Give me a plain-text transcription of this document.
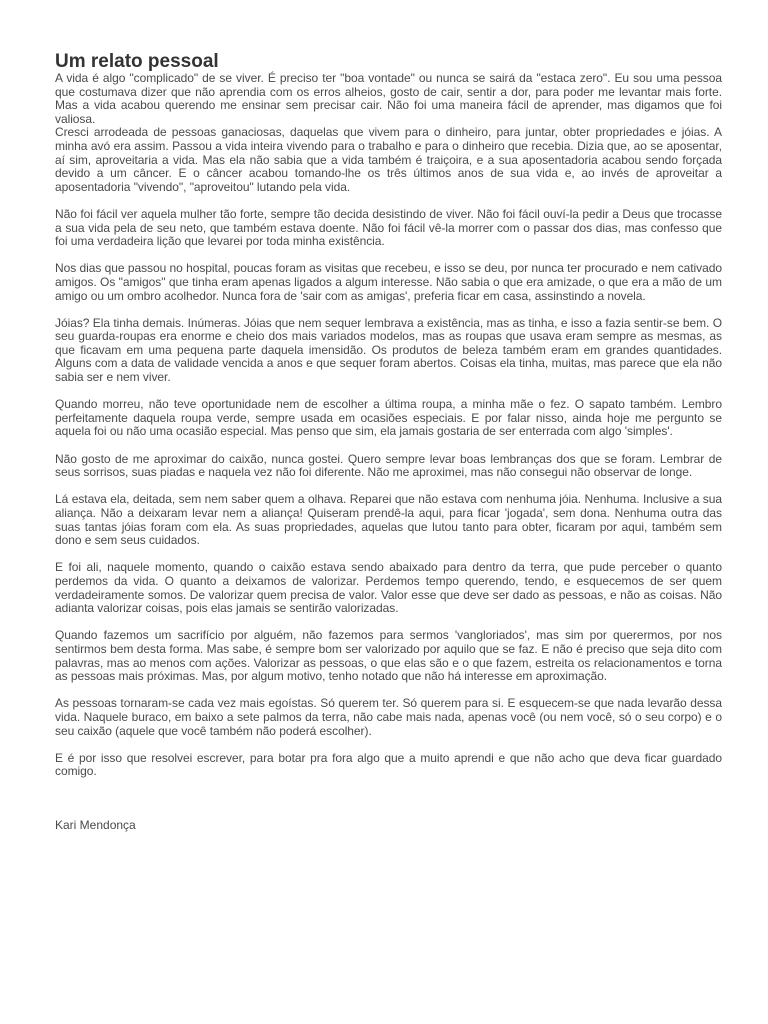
Um relato pessoal

A vida é algo "complicado" de se viver. É preciso ter "boa vontade" ou nunca se sairá da "estaca zero". Eu sou uma pessoa que costumava dizer que não aprendia com os erros alheios, gosto de cair, sentir a dor, para poder me levantar mais forte. Mas a vida acabou querendo me ensinar sem precisar cair. Não foi uma maneira fácil de aprender, mas digamos que foi valiosa.

Cresci arrodeada de pessoas ganaciosas, daquelas que vivem para o dinheiro, para juntar, obter propriedades e jóias. A minha avó era assim. Passou a vida inteira vivendo para o trabalho e para o dinheiro que recebia. Dizia que, ao se aposentar, aí sim, aproveitaria a vida. Mas ela não sabia que a vida também é traiçoira, e a sua aposentadoria acabou sendo forçada devido a um câncer. E o câncer acabou tomando-lhe os três últimos anos de sua vida e, ao invés de aproveitar a aposentadoria "vivendo", "aproveitou" lutando pela vida.

Não foi fácil ver aquela mulher tão forte, sempre tão decida desistindo de viver. Não foi fácil ouví-la pedir a Deus que trocasse a sua vida pela de seu neto, que também estava doente. Não foi fácil vê-la morrer com o passar dos dias, mas confesso que foi uma verdadeira lição que levarei por toda minha existência.

Nos dias que passou no hospital, poucas foram as visitas que recebeu, e isso se deu, por nunca ter procurado e nem cativado amigos. Os "amigos" que tinha eram apenas ligados a algum interesse. Não sabia o que era amizade, o que era a mão de um amigo ou um ombro acolhedor. Nunca fora de 'sair com as amigas', preferia ficar em casa, assinstindo a novela.

Jóias? Ela tinha demais. Inúmeras. Jóias que nem sequer lembrava a existência, mas as tinha, e isso a fazia sentir-se bem. O seu guarda-roupas era enorme e cheio dos mais variados modelos, mas as roupas que usava eram sempre as mesmas, as que ficavam em uma pequena parte daquela imensidão. Os produtos de beleza também eram em grandes quantidades. Alguns com a data de validade vencida a anos e que sequer foram abertos. Coisas ela tinha, muitas, mas parece que ela não sabia ser e nem viver.

Quando morreu, não teve oportunidade nem de escolher a última roupa, a minha mãe o fez. O sapato também. Lembro perfeitamente daquela roupa verde, sempre usada em ocasiões especiais. E por falar nisso, ainda hoje me pergunto se aquela foi ou não uma ocasião especial. Mas penso que sim, ela jamais gostaria de ser enterrada com algo 'simples'.

Não gosto de me aproximar do caixão, nunca gostei. Quero sempre levar boas lembranças dos que se foram. Lembrar de seus sorrisos, suas piadas e naquela vez não foi diferente. Não me aproximei, mas não consegui não observar de longe.

Lá estava ela, deitada, sem nem saber quem a olhava. Reparei que não estava com nenhuma jóia. Nenhuma. Inclusive a sua aliança. Não a deixaram levar nem a aliança! Quiseram prendê-la aqui, para ficar 'jogada', sem dona. Nenhuma outra das suas tantas jóias foram com ela. As suas propriedades, aquelas que lutou tanto para obter, ficaram por aqui, também sem dono e sem seus cuidados.

E foi ali, naquele momento, quando o caixão estava sendo abaixado para dentro da terra, que pude perceber o quanto perdemos da vida. O quanto a deixamos de valorizar. Perdemos tempo querendo, tendo, e esquecemos de ser quem verdadeiramente somos. De valorizar quem precisa de valor. Valor esse que deve ser dado as pessoas, e não as coisas. Não adianta valorizar coisas, pois elas jamais se sentirão valorizadas.

Quando fazemos um sacrifício por alguém, não fazemos para sermos 'vangloriados', mas sim por querermos, por nos sentirmos bem desta forma. Mas sabe, é sempre bom ser valorizado por aquilo que se faz. E não é preciso que seja dito com palavras, mas ao menos com ações. Valorizar as pessoas, o que elas são e o que fazem, estreita os relacionamentos e torna as pessoas mais próximas. Mas, por algum motivo, tenho notado que não há interesse em aproximação.

As pessoas tornaram-se cada vez mais egoístas. Só querem ter. Só querem para si. E esquecem-se que nada levarão dessa vida. Naquele buraco, em baixo a sete palmos da terra, não cabe mais nada, apenas você (ou nem você, só o seu corpo) e o seu caixão (aquele que você também não poderá escolher).

E é por isso que resolvei escrever, para botar pra fora algo que a muito aprendi e que não acho que deva ficar guardado comigo.

Kari Mendonça
